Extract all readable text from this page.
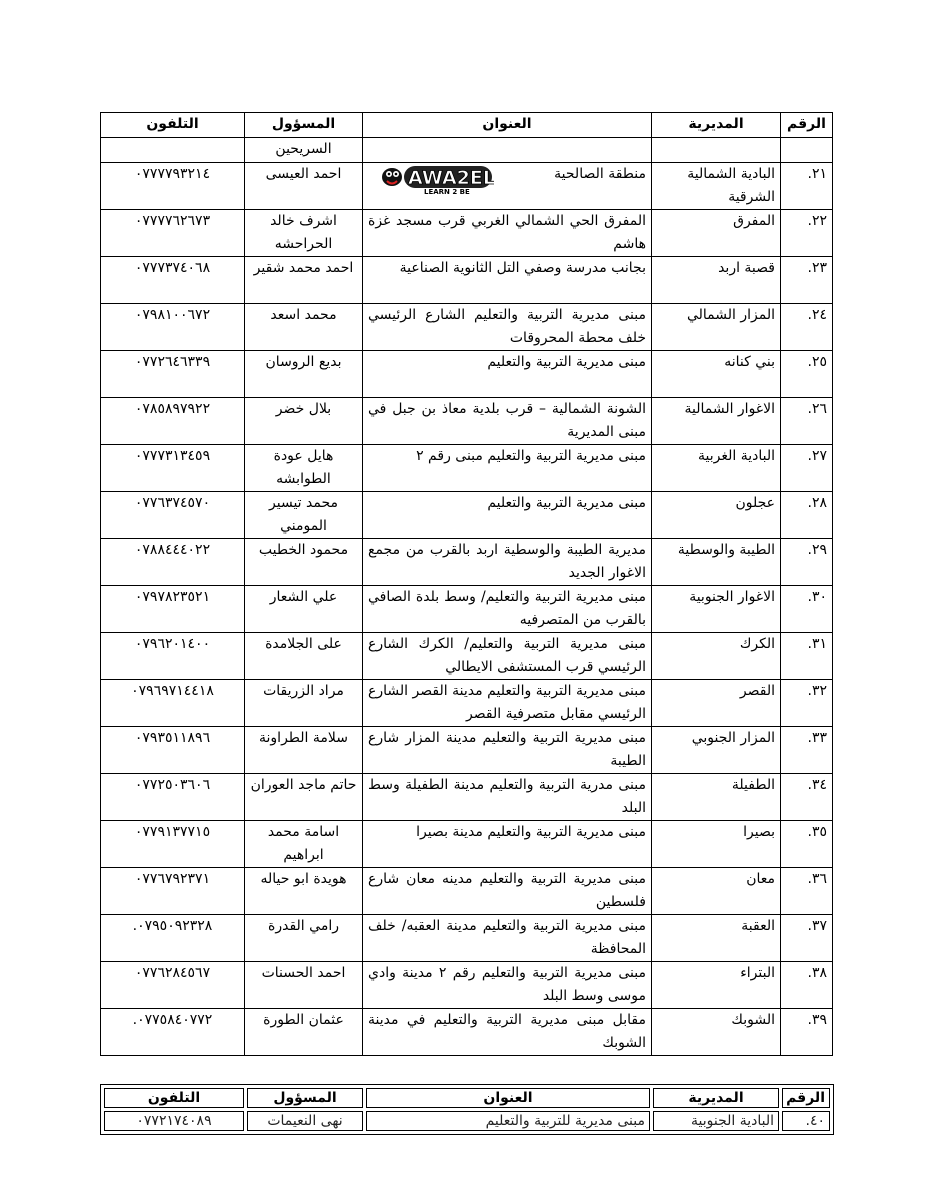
الرقم	المديرية	العنوان	المسؤول	التلفون
			السريحين	
٢١.	البادية الشمالية الشرقية	منطقة الصالحية	احمد العيسى	٠٧٧٧٧٩٣٢١٤
٢٢.	المفرق	المفرق الحي الشمالي الغربي قرب مسجد غزة هاشم	اشرف خالد الحراحشه	٠٧٧٧٧٦٢٦٧٣
٢٣.	قصبة اربد	بجانب مدرسة وصفي التل الثانوية الصناعية	احمد محمد شقير	٠٧٧٧٣٧٤٠٦٨
٢٤.	المزار الشمالي	مبنى مديرية التربية والتعليم الشارع الرئيسي خلف محطة المحروقات	محمد اسعد	٠٧٩٨١٠٠٦٧٢
٢٥.	بني كنانه	مبنى مديرية التربية والتعليم	بديع الروسان	٠٧٧٢٦٤٦٣٣٩
٢٦.	الاغوار الشمالية	الشونة الشمالية – قرب بلدية معاذ بن جبل في مبنى المديرية	بلال خضر	٠٧٨٥٨٩٧٩٢٢
٢٧.	البادية الغربية	مبنى مديرية التربية والتعليم مبنى رقم ٢	هايل عودة الطوابشه	٠٧٧٧٣١٣٤٥٩
٢٨.	عجلون	مبنى مديرية التربية والتعليم	محمد تيسير المومني	٠٧٧٦٣٧٤٥٧٠
٢٩.	الطيبة والوسطية	مديرية الطيبة والوسطية اربد بالقرب من مجمع الاغوار الجديد	محمود الخطيب	٠٧٨٨٤٤٤٠٢٢
٣٠.	الاغوار الجنوبية	مبنى مديرية التربية والتعليم/ وسط بلدة الصافي بالقرب من المتصرفيه	علي الشعار	٠٧٩٧٨٢٣٥٢١
٣١.	الكرك	مبنى مديرية التربية والتعليم/ الكرك الشارع الرئيسي قرب المستشفى الايطالي	على الجلامدة	٠٧٩٦٢٠١٤٠٠
٣٢.	القصر	مبنى مديرية التربية والتعليم مدينة القصر الشارع الرئيسي مقابل متصرفية القصر	مراد الزريقات	٠٧٩٦٩٧١٤٤١٨
٣٣.	المزار الجنوبي	مبنى مديرية التربية والتعليم مدينة المزار شارع الطيبة	سلامة الطراونة	٠٧٩٣٥١١٨٩٦
٣٤.	الطفيلة	مبنى مدرية التربية والتعليم مدينة الطفيلة وسط البلد	حاتم ماجد العوران	٠٧٧٢٥٠٣٦٠٦
٣٥.	بصيرا	مبنى مديرية التربية والتعليم مدينة بصيرا	اسامة محمد ابراهيم	٠٧٧٩١٣٧٧١٥
٣٦.	معان	مبنى مديرية التربية والتعليم مدينه معان شارع فلسطين	هويدة ابو حياله	٠٧٧٦٧٩٢٣٧١
٣٧.	العقبة	مبنى مديرية التربية والتعليم مدينة العقبه/ خلف المحافظة	رامي القدرة	٠٧٩٥٠٩٢٣٢٨.
٣٨.	البتراء	مبنى مديرية التربية والتعليم رقم ٢ مدينة وادي موسى وسط البلد	احمد الحسنات	٠٧٧٦٢٨٤٥٦٧
٣٩.	الشوبك	مقابل مبنى مديرية التربية والتعليم في مدينة الشوبك	عثمان الطورة	٠٧٧٥٨٤٠٧٧٢.
AWA2EL
LEARN 2 BE
الرقم	المديرية	العنوان	المسؤول	التلفون
٤٠.	البادية الجنوبية	مبنى مديرية للتربية والتعليم	نهى النعيمات	٠٧٧٢١٧٤٠٨٩
